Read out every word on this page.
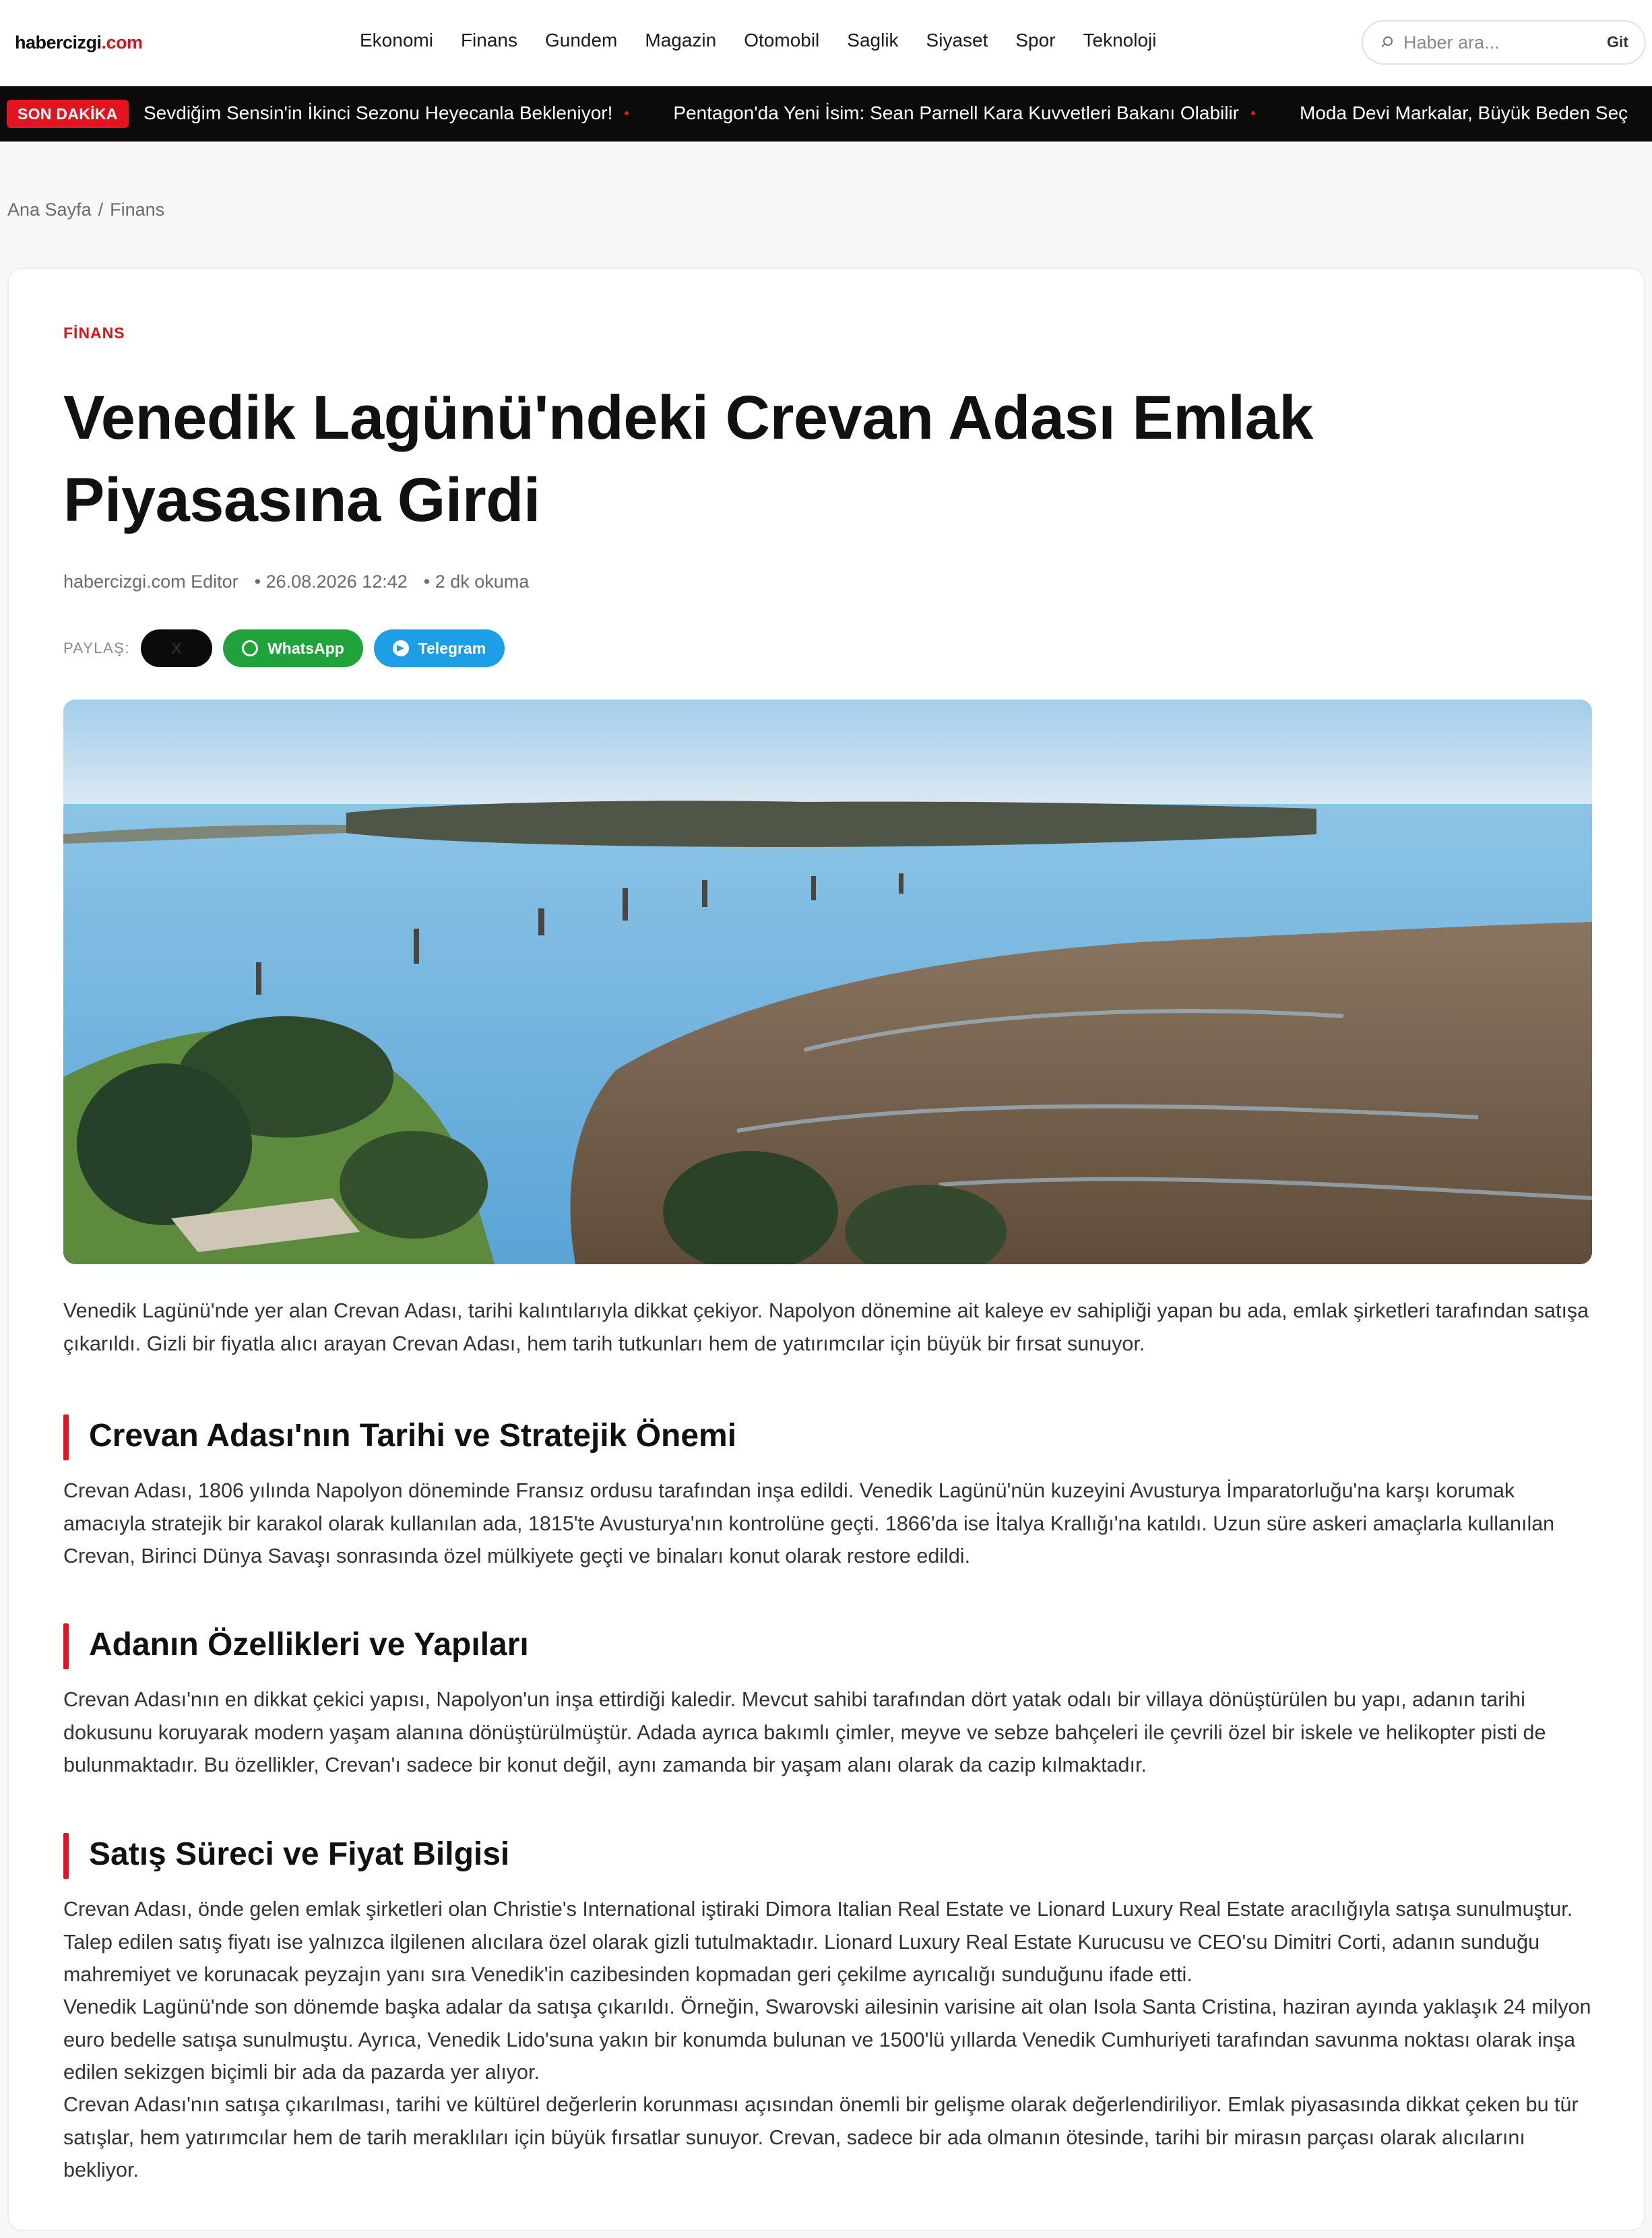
habercizgi.com	Ekonomi Finans Gundem Magazin Otomobil Saglik Siyaset Spor Teknoloji
Haber ara...	Git
SON DAKİKA	Sevdiğim Sensin'in İkinci Sezonu Heyecanla Bekleniyor!	Pentagon'da Yeni İsim: Sean Parnell Kara Kuvvetleri Bakanı Olabilir	Moda Devi Markalar, Büyük Beden Seç
Ana Sayfa / Finans
FİNANS
Venedik Lagünü'ndeki Crevan Adası Emlak Piyasasına Girdi
habercizgi.com Editor • 26.08.2026 12:42 • 2 dk okuma
PAYLAŞ:	X	WhatsApp	Telegram

Venedik Lagünü'nde yer alan Crevan Adası, tarihi kalıntılarıyla dikkat çekiyor. Napolyon dönemine ait kaleye ev sahipliği yapan bu ada, emlak şirketleri tarafından satışa çıkarıldı. Gizli bir fiyatla alıcı arayan Crevan Adası, hem tarih tutkunları hem de yatırımcılar için büyük bir fırsat sunuyor.

Crevan Adası'nın Tarihi ve Stratejik Önemi

Crevan Adası, 1806 yılında Napolyon döneminde Fransız ordusu tarafından inşa edildi. Venedik Lagünü'nün kuzeyini Avusturya İmparatorluğu'na karşı korumak amacıyla stratejik bir karakol olarak kullanılan ada, 1815'te Avusturya'nın kontrolüne geçti. 1866'da ise İtalya Krallığı'na katıldı. Uzun süre askeri amaçlarla kullanılan Crevan, Birinci Dünya Savaşı sonrasında özel mülkiyete geçti ve binaları konut olarak restore edildi.

Adanın Özellikleri ve Yapıları

Crevan Adası'nın en dikkat çekici yapısı, Napolyon'un inşa ettirdiği kaledir. Mevcut sahibi tarafından dört yatak odalı bir villaya dönüştürülen bu yapı, adanın tarihi dokusunu koruyarak modern yaşam alanına dönüştürülmüştür. Adada ayrıca bakımlı çimler, meyve ve sebze bahçeleri ile çevrili özel bir iskele ve helikopter pisti de bulunmaktadır. Bu özellikler, Crevan'ı sadece bir konut değil, aynı zamanda bir yaşam alanı olarak da cazip kılmaktadır.

Satış Süreci ve Fiyat Bilgisi

Crevan Adası, önde gelen emlak şirketleri olan Christie's International iştiraki Dimora Italian Real Estate ve Lionard Luxury Real Estate aracılığıyla satışa sunulmuştur. Talep edilen satış fiyatı ise yalnızca ilgilenen alıcılara özel olarak gizli tutulmaktadır. Lionard Luxury Real Estate Kurucusu ve CEO'su Dimitri Corti, adanın sunduğu mahremiyet ve korunacak peyzajın yanı sıra Venedik'in cazibesinden kopmadan geri çekilme ayrıcalığı sunduğunu ifade etti.

Venedik Lagünü'nde son dönemde başka adalar da satışa çıkarıldı. Örneğin, Swarovski ailesinin varisine ait olan Isola Santa Cristina, haziran ayında yaklaşık 24 milyon euro bedelle satışa sunulmuştu. Ayrıca, Venedik Lido'suna yakın bir konumda bulunan ve 1500'lü yıllarda Venedik Cumhuriyeti tarafından savunma noktası olarak inşa edilen sekizgen biçimli bir ada da pazarda yer alıyor.

Crevan Adası'nın satışa çıkarılması, tarihi ve kültürel değerlerin korunması açısından önemli bir gelişme olarak değerlendiriliyor. Emlak piyasasında dikkat çeken bu tür satışlar, hem yatırımcılar hem de tarih meraklıları için büyük fırsatlar sunuyor. Crevan, sadece bir ada olmanın ötesinde, tarihi bir mirasın parçası olarak alıcılarını bekliyor.
